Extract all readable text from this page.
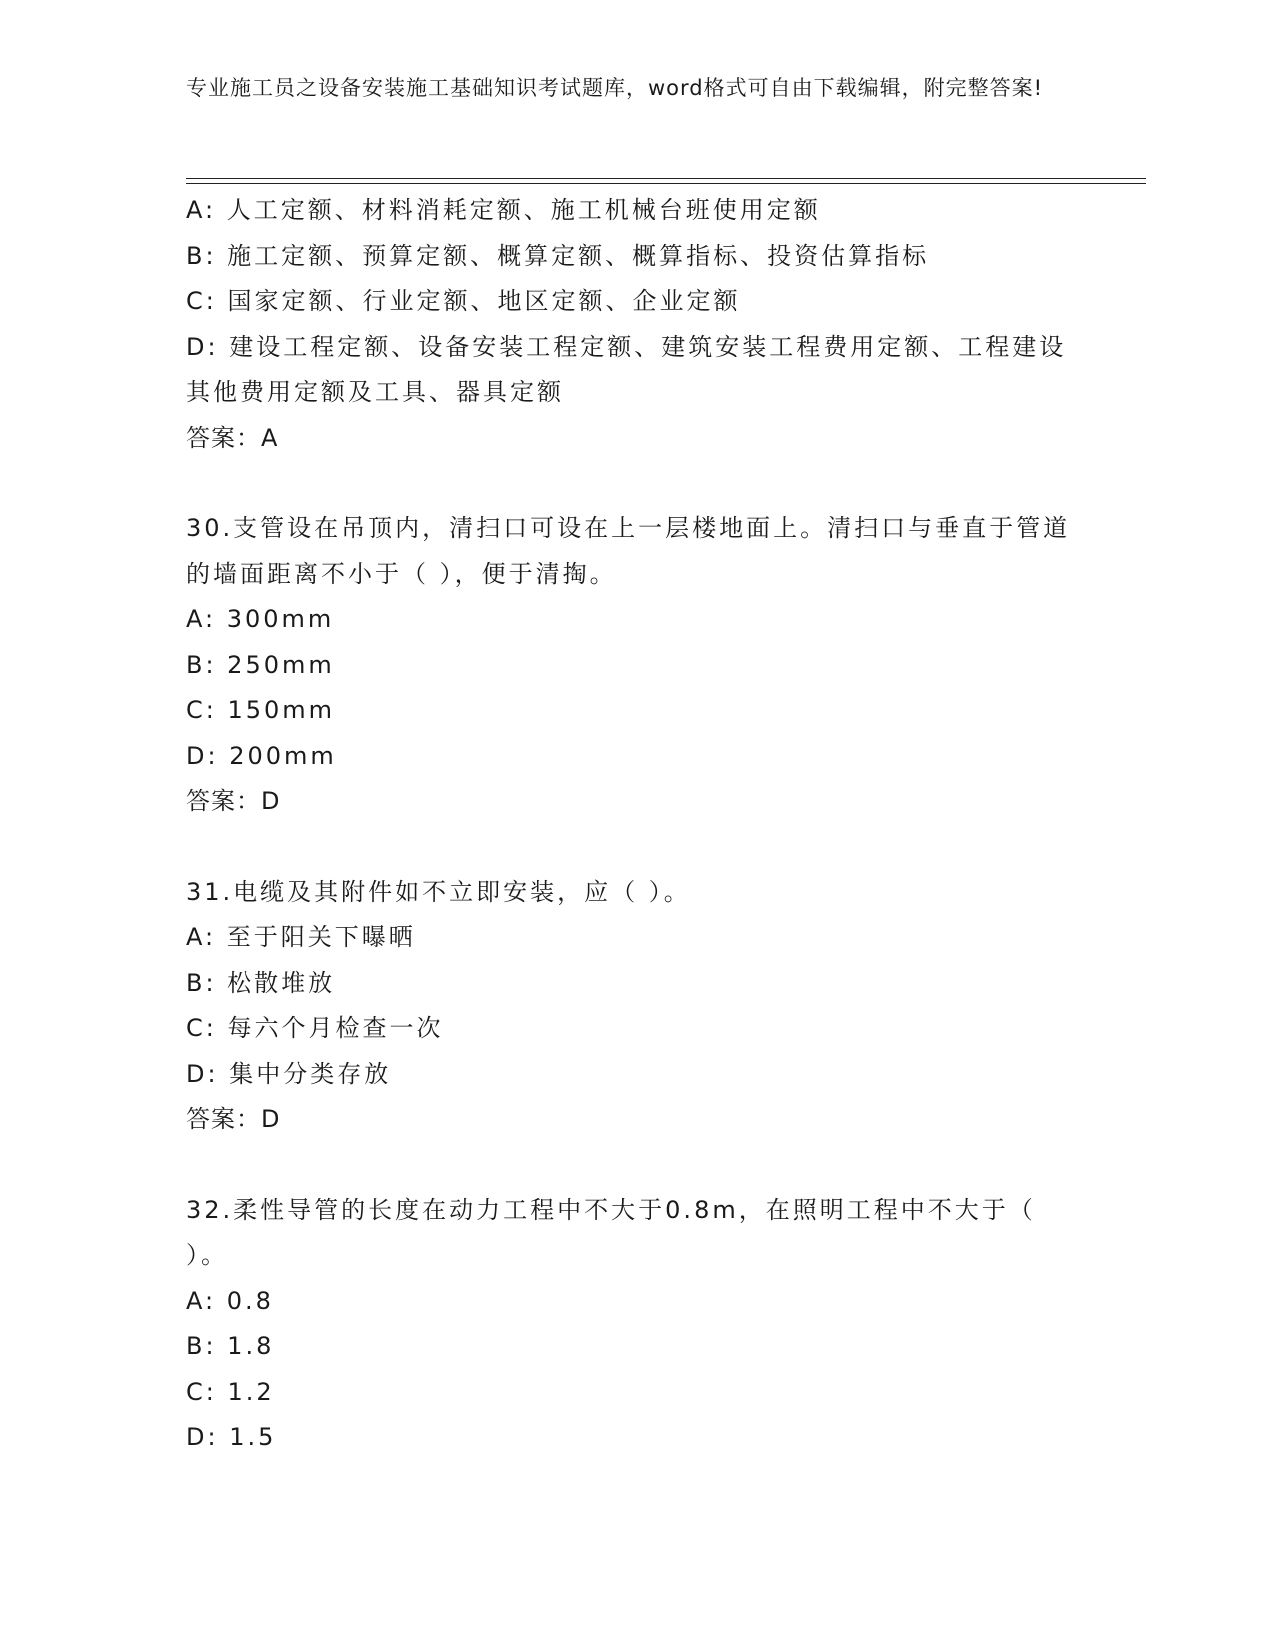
专业施工员之设备安装施工基础知识考试题库，word格式可自由下载编辑，附完整答案!

A: 人工定额、材料消耗定额、施工机械台班使用定额

B: 施工定额、预算定额、概算定额、概算指标、投资估算指标

C: 国家定额、行业定额、地区定额、企业定额

D: 建设工程定额、设备安装工程定额、建筑安装工程费用定额、工程建设其他费用定额及工具、器具定额

答案：A

30.支管设在吊顶内，清扫口可设在上一层楼地面上。清扫口与垂直于管道的墙面距离不小于（ ），便于清掏。

A: 300mm

B: 250mm

C: 150mm

D: 200mm

答案：D

31.电缆及其附件如不立即安装，应（ ）。

A: 至于阳关下曝晒

B: 松散堆放

C: 每六个月检查一次

D: 集中分类存放

答案：D

32.柔性导管的长度在动力工程中不大于0.8m，在照明工程中不大于（ ）。

A: 0.8

B: 1.8

C: 1.2

D: 1.5
